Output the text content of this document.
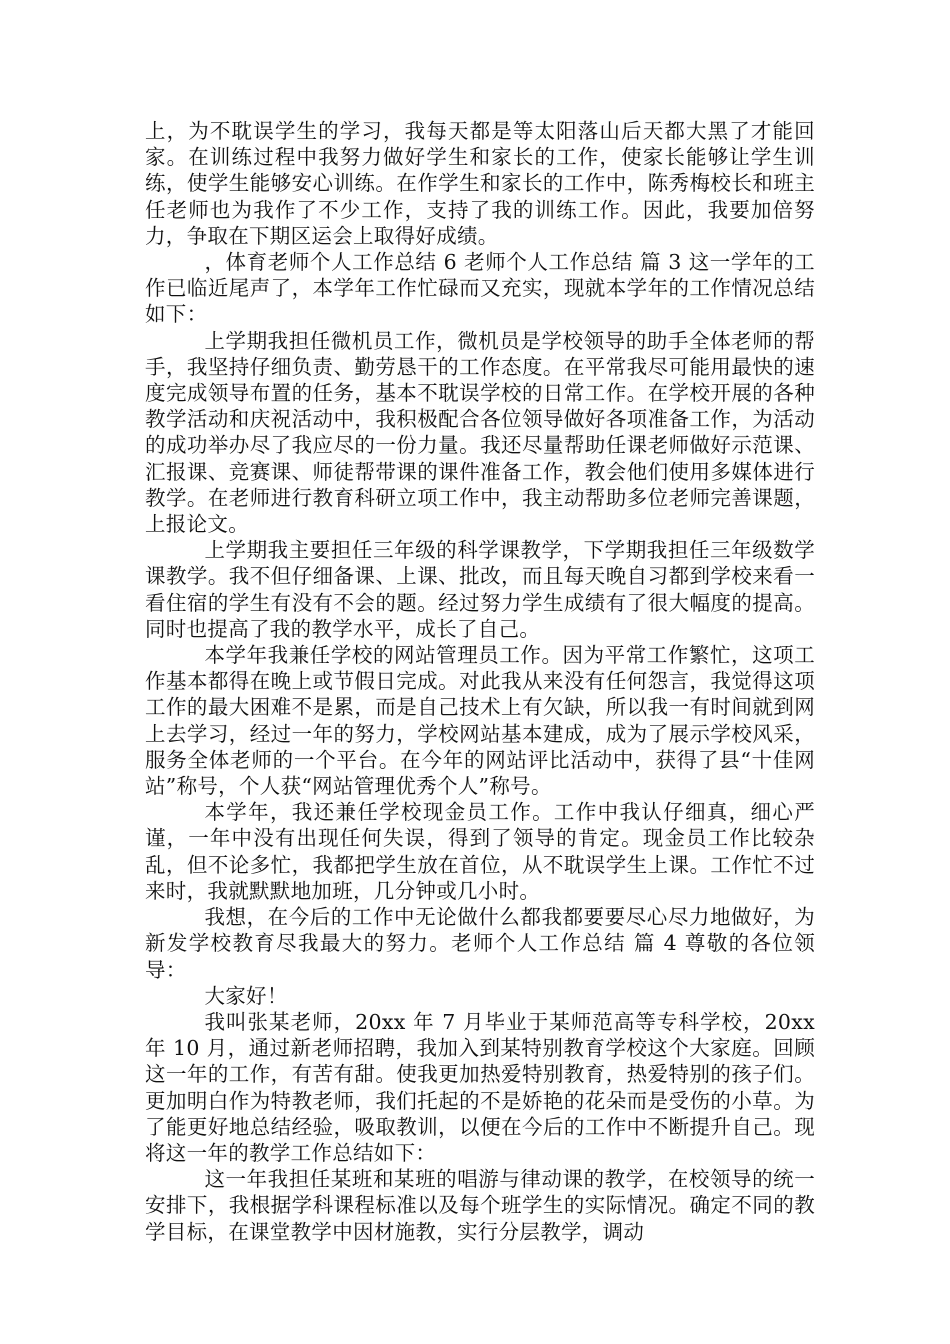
上，为不耽误学生的学习，我每天都是等太阳落山后天都大黑了才能回家。在训练过程中我努力做好学生和家长的工作，使家长能够让学生训练，使学生能够安心训练。在作学生和家长的工作中，陈秀梅校长和班主任老师也为我作了不少工作，支持了我的训练工作。因此，我要加倍努力，争取在下期区运会上取得好成绩。

，体育老师个人工作总结 6 老师个人工作总结 篇 3 这一学年的工作已临近尾声了，本学年工作忙碌而又充实，现就本学年的工作情况总结如下：

上学期我担任微机员工作，微机员是学校领导的助手全体老师的帮手，我坚持仔细负责、勤劳恳干的工作态度。在平常我尽可能用最快的速度完成领导布置的任务，基本不耽误学校的日常工作。在学校开展的各种教学活动和庆祝活动中，我积极配合各位领导做好各项准备工作，为活动的成功举办尽了我应尽的一份力量。我还尽量帮助任课老师做好示范课、汇报课、竞赛课、师徒帮带课的课件准备工作，教会他们使用多媒体进行教学。在老师进行教育科研立项工作中，我主动帮助多位老师完善课题，上报论文。

上学期我主要担任三年级的科学课教学，下学期我担任三年级数学课教学。我不但仔细备课、上课、批改，而且每天晚自习都到学校来看一看住宿的学生有没有不会的题。经过努力学生成绩有了很大幅度的提高。同时也提高了我的教学水平，成长了自己。

本学年我兼任学校的网站管理员工作。因为平常工作繁忙，这项工作基本都得在晚上或节假日完成。对此我从来没有任何怨言，我觉得这项工作的最大困难不是累，而是自己技术上有欠缺，所以我一有时间就到网上去学习，经过一年的努力，学校网站基本建成，成为了展示学校风采，服务全体老师的一个平台。在今年的网站评比活动中，获得了县“十佳网站”称号，个人获“网站管理优秀个人”称号。

本学年，我还兼任学校现金员工作。工作中我认仔细真，细心严谨，一年中没有出现任何失误，得到了领导的肯定。现金员工作比较杂乱，但不论多忙，我都把学生放在首位，从不耽误学生上课。工作忙不过来时，我就默默地加班，几分钟或几小时。

我想，在今后的工作中无论做什么都我都要要尽心尽力地做好，为新发学校教育尽我最大的努力。老师个人工作总结 篇 4 尊敬的各位领导：

大家好！

我叫张某老师，20xx 年 7 月毕业于某师范高等专科学校，20xx 年 10 月，通过新老师招聘，我加入到某特别教育学校这个大家庭。回顾这一年的工作，有苦有甜。使我更加热爱特别教育，热爱特别的孩子们。更加明白作为特教老师，我们托起的不是娇艳的花朵而是受伤的小草。为了能更好地总结经验，吸取教训，以便在今后的工作中不断提升自己。现将这一年的教学工作总结如下：

这一年我担任某班和某班的唱游与律动课的教学，在校领导的统一安排下，我根据学科课程标准以及每个班学生的实际情况。确定不同的教学目标，在课堂教学中因材施教，实行分层教学，调动
